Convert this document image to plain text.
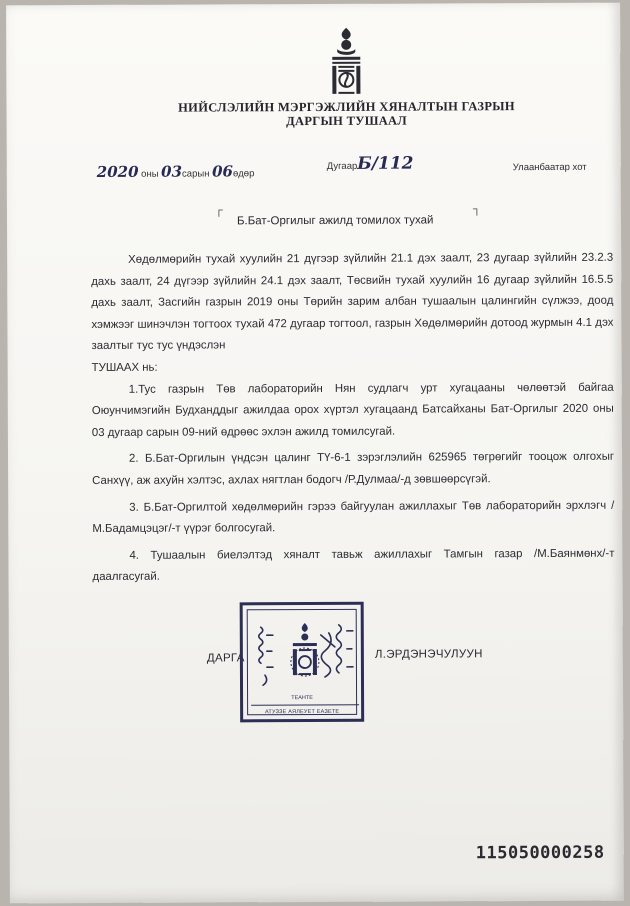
НИЙСЛЭЛИЙН МЭРГЭЖЛИЙН ХЯНАЛТЫН ГАЗРЫН
ДАРГЫН ТУШААЛ
2020 оны 03сарын 06өдөр
ДугаарБ/112	Улаанбаатар хот
┌	┐
Б.Бат-Оргилыг ажилд томилох тухай

Хөдөлмөрийн тухай хуулийн 21 дүгээр зүйлийн 21.1 дэх заалт, 23 дугаар зүйлийн 23.2.3 дахь заалт, 24 дүгээр зүйлийн 24.1 дэх заалт, Төсвийн тухай хуулийн 16 дугаар зүйлийн 16.5.5 дахь заалт, Засгийн газрын 2019 оны Төрийн зарим албан тушаалын цалингийн сүлжээ, доод хэмжээг шинэчлэн тогтоох тухай 472 дугаар тогтоол, газрын Хөдөлмөрийн дотоод журмын 4.1 дэх заалтыг тус тус үндэслэн

ТУШААХ нь:

1.Тус газрын Төв лабораторийн Нян судлагч урт хугацааны чөлөөтэй байгаа Оюунчимэгийн Будханддыг ажилдаа орох хүртэл хугацаанд Батсайханы Бат-Оргилыг 2020 оны 03 дугаар сарын 09-ний өдрөөс эхлэн ажилд томилсугай.

2. Б.Бат-Оргилын үндсэн цалинг ТҮ-6-1 зэрэглэлийн 625965 төгрөгийг тооцож олгохыг Санхүү, аж ахуйн хэлтэс, ахлах нягтлан бодогч /Р.Дулмаа/-д зөвшөөрсүгэй.

3. Б.Бат-Оргилтой хөдөлмөрийн гэрээ байгуулан ажиллахыг Төв лабораторийн эрхлэгч /М.Бадамцэцэг/-т үүрэг болгосугай.

4. Тушаалын биелэлтэд хяналт тавьж ажиллахыг Тамгын газар /М.Баянмөнх/-т даалгасугай.

ДАРГА	Л.ЭРДЭНЭЧУЛУУН
ТЕАНТЕ
АТУЗЗЕ АЯЛЕУЕТ ЕАЗЕТЕ
115050000258
